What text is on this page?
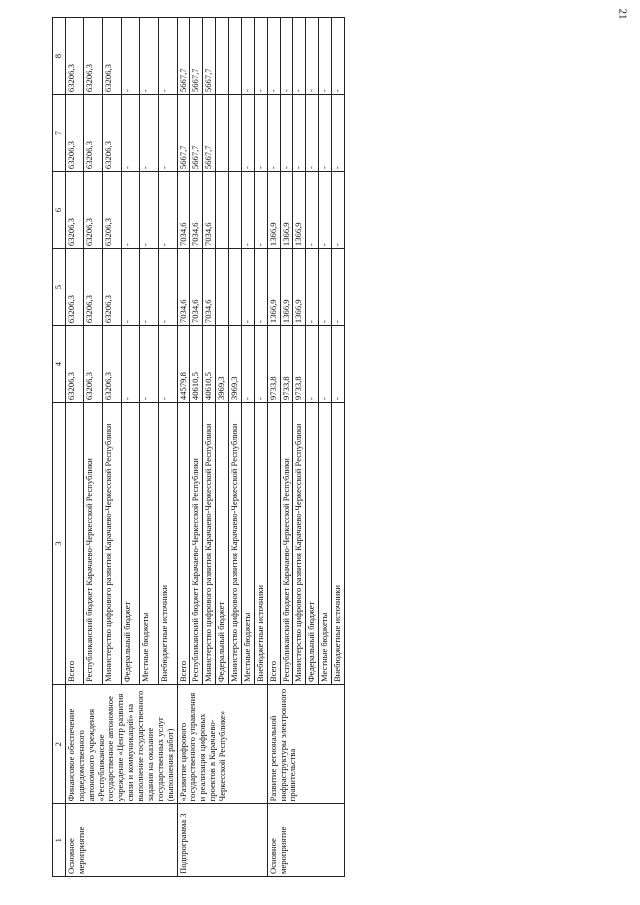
21
1	2	3	4	5	6	7	8
Основное мероприятие	Финансовое обеспечение подведомственного автономного учреждения «Республиканское государственное автономное учреждение «Центр развития связи и коммуникаций» на выполнение государственного задания на оказание государственных услуг (выполнения работ)	Всего	63206,3	63206,3	63206,3	63206,3	63206,3
		Республиканский бюджет Карачаево-Черкесской Республики	63206,3	63206,3	63206,3	63206,3	63206,3
		Министерство цифрового развития Карачаево-Черкесской Республики	63206,3	63206,3	63206,3	63206,3	63206,3
		Федеральный бюджет	-	-	-	-	-
		Местные бюджеты	-	-	-	-	-
		Внебюджетные источники	-	-	-	-	-
Подпрограмма 3	«Развитие цифрового государственного управления и реализация цифровых проектов в Карачаево-Черкесской Республике»	Всего	44579,8	7034,6	7034,6	5667,7	5667,7
		Республиканский бюджет Карачаево-Черкесской Республики	40610,5	7034,6	7034,6	5667,7	5667,7
		Министерство цифрового развития Карачаево-Черкесской Республики	40610,5	7034,6	7034,6	5667,7	5667,7
		Федеральный бюджет	3969,3				
		Министерство цифрового развития Карачаево-Черкесской Республики	3969,3				
		Местные бюджеты	-	-	-	-	-
		Внебюджетные источники	-	-	-	-	-
Основное мероприятие	Развитие региональной инфраструктуры электронного правительства	Всего	9733,8	1366,9	1366,9	-	-
		Республиканский бюджет Карачаево-Черкесской Республики	9733,8	1366,9	1366,9	-	-
		Министерство цифрового развития Карачаево-Черкесской Республики	9733,8	1366,9	1366,9	-	-
		Федеральный бюджет	-	-	-	-	-
		Местные бюджеты	-	-	-	-	-
		Внебюджетные источники	-	-	-	-	-
